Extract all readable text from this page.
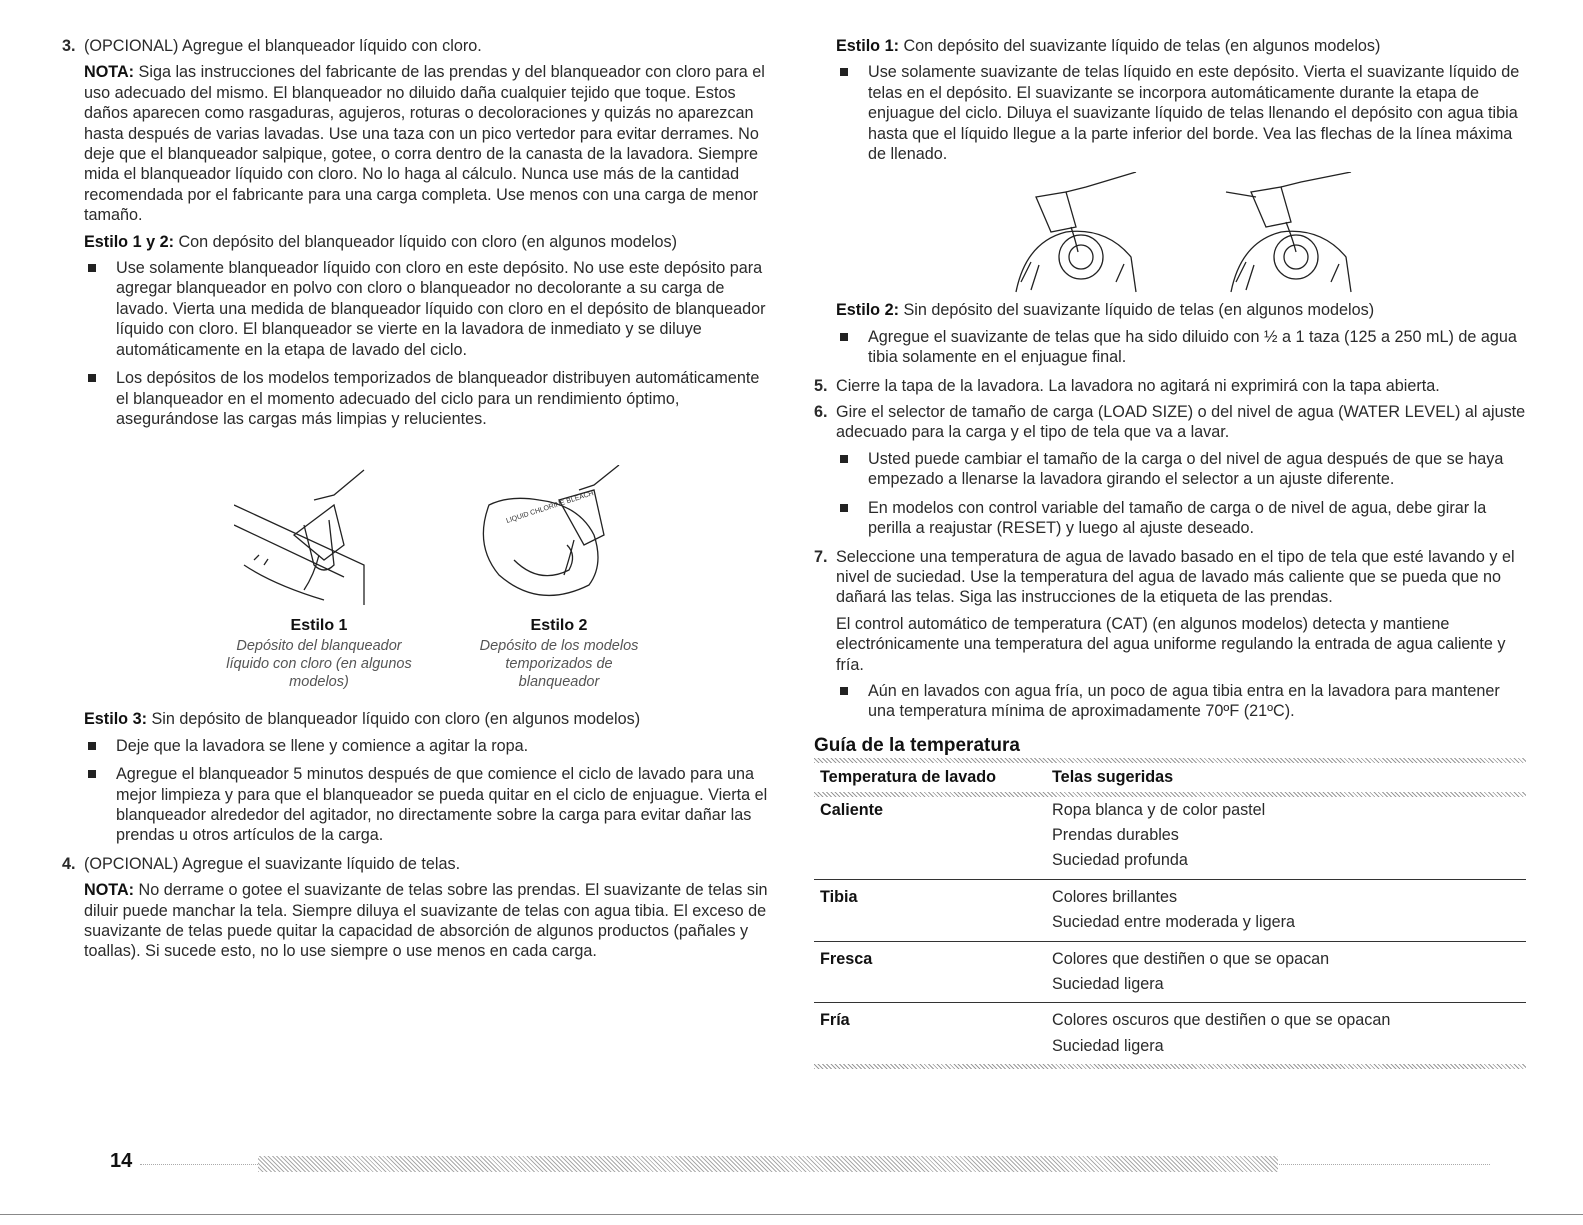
3. (OPCIONAL) Agregue el blanqueador líquido con cloro.

NOTA: Siga las instrucciones del fabricante de las prendas y del blanqueador con cloro para el uso adecuado del mismo. El blanqueador no diluido daña cualquier tejido que toque. Estos daños aparecen como rasgaduras, agujeros, roturas o decoloraciones y quizás no aparezcan hasta después de varias lavadas. Use una taza con un pico vertedor para evitar derrames. No deje que el blanqueador salpique, gotee, o corra dentro de la canasta de la lavadora. Siempre mida el blanqueador líquido con cloro. No lo haga al cálculo. Nunca use más de la cantidad recomendada por el fabricante para una carga completa. Use menos con una carga de menor tamaño.

Estilo 1 y 2: Con depósito del blanqueador líquido con cloro (en algunos modelos)

Use solamente blanqueador líquido con cloro en este depósito. No use este depósito para agregar blanqueador en polvo con cloro o blanqueador no decolorante a su carga de lavado. Vierta una medida de blanqueador líquido con cloro en el depósito de blanqueador líquido con cloro. El blanqueador se vierte en la lavadora de inmediato y se diluye automáticamente en la etapa de lavado del ciclo.
Los depósitos de los modelos temporizados de blanqueador distribuyen automáticamente el blanqueador en el momento adecuado del ciclo para un rendimiento óptimo, asegurándose las cargas más limpias y relucientes.
Estilo 1
Depósito del blanqueador líquido con cloro (en algunos modelos)
LIQUID CHLORINE BLEACH
Estilo 2
Depósito de los modelos temporizados de blanqueador

Estilo 3: Sin depósito de blanqueador líquido con cloro (en algunos modelos)

Deje que la lavadora se llene y comience a agitar la ropa.
Agregue el blanqueador 5 minutos después de que comience el ciclo de lavado para una mejor limpieza y para que el blanqueador se pueda quitar en el ciclo de enjuague. Vierta el blanqueador alrededor del agitador, no directamente sobre la carga para evitar dañar las prendas u otros artículos de la carga.
4. (OPCIONAL) Agregue el suavizante líquido de telas.

NOTA: No derrame o gotee el suavizante de telas sobre las prendas. El suavizante de telas sin diluir puede manchar la tela. Siempre diluya el suavizante de telas con agua tibia. El exceso de suavizante de telas puede quitar la capacidad de absorción de algunos productos (pañales y toallas). Si sucede esto, no lo use siempre o use menos en cada carga.

Estilo 1: Con depósito del suavizante líquido de telas (en algunos modelos)

Use solamente suavizante de telas líquido en este depósito. Vierta el suavizante líquido de telas en el depósito. El suavizante se incorpora automáticamente durante la etapa de enjuague del ciclo. Diluya el suavizante líquido de telas llenando el depósito con agua tibia hasta que el líquido llegue a la parte inferior del borde. Vea las flechas de la línea máxima de llenado.

Estilo 2: Sin depósito del suavizante líquido de telas (en algunos modelos)

Agregue el suavizante de telas que ha sido diluido con ½ a 1 taza (125 a 250 mL) de agua tibia solamente en el enjuague final.
5. Cierre la tapa de la lavadora. La lavadora no agitará ni exprimirá con la tapa abierta.

6. Gire el selector de tamaño de carga (LOAD SIZE) o del nivel de agua (WATER LEVEL) al ajuste adecuado para la carga y el tipo de tela que va a lavar.

Usted puede cambiar el tamaño de la carga o del nivel de agua después de que se haya empezado a llenarse la lavadora girando el selector a un ajuste diferente.
En modelos con control variable del tamaño de carga o de nivel de agua, debe girar la perilla a reajustar (RESET) y luego al ajuste deseado.
7. Seleccione una temperatura de agua de lavado basado en el tipo de tela que esté lavando y el nivel de suciedad. Use la temperatura del agua de lavado más caliente que se pueda que no dañará las telas. Siga las instrucciones de la etiqueta de las prendas.

El control automático de temperatura (CAT) (en algunos modelos) detecta y mantiene electrónicamente una temperatura del agua uniforme regulando la entrada de agua caliente y fría.

Aún en lavados con agua fría, un poco de agua tibia entra en la lavadora para mantener una temperatura mínima de aproximadamente 70ºF (21ºC).
Guía de la temperatura
Temperatura de lavado	Telas sugeridas

Caliente	Ropa blanca y de color pastel
Prendas durables
Suciedad profunda

Tibia	Colores brillantes
Suciedad entre moderada y ligera

Fresca	Colores que destiñen o que se opacan
Suciedad ligera

Fría	Colores oscuros que destiñen o que se opacan
Suciedad ligera
14
